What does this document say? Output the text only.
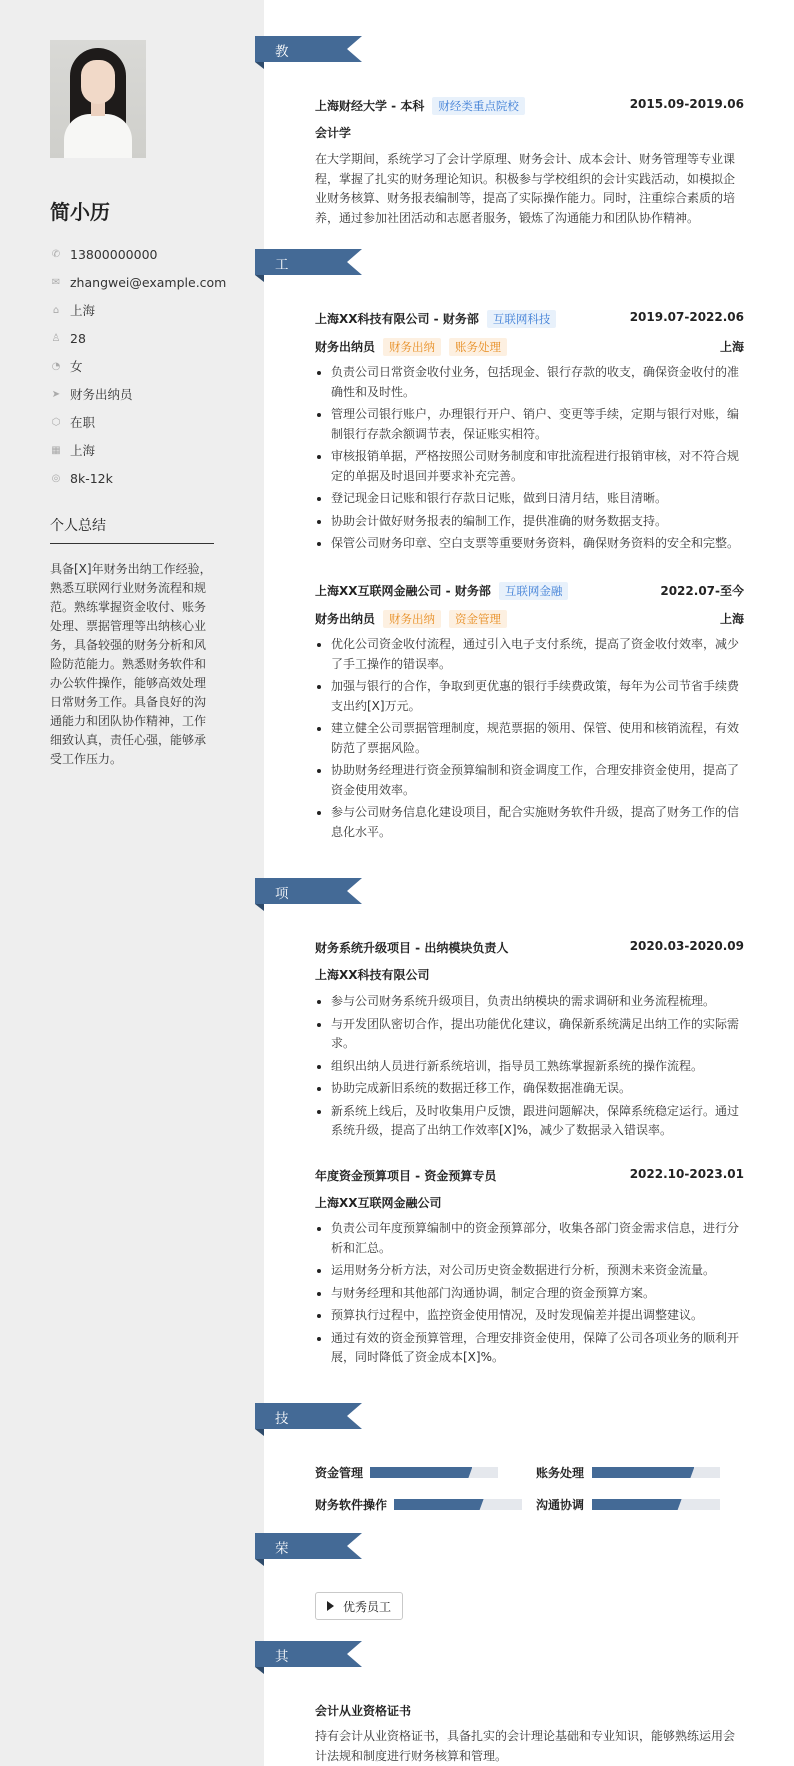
简小历
✆ 13800000000
✉ zhangwei@example.com
⌂ 上海
♙ 28
◔ 女
➤ 财务出纳员
⬡ 在职
▦ 上海
◎ 8k-12k
个人总结
具备[X]年财务出纳工作经验，熟悉互联网行业财务流程和规范。熟练掌握资金收付、账务处理、票据管理等出纳核心业务，具备较强的财务分析和风险防范能力。熟悉财务软件和办公软件操作，能够高效处理日常财务工作。具备良好的沟通能力和团队协作精神，工作细致认真，责任心强，能够承受工作压力。
教育经历 上海财经大学 - 本科 财经类重点院校	2015.09-2019.06
会计学
在大学期间，系统学习了会计学原理、财务会计、成本会计、财务管理等专业课程，掌握了扎实的财务理论知识。积极参与学校组织的会计实践活动，如模拟企业财务核算、财务报表编制等，提高了实际操作能力。同时，注重综合素质的培养，通过参加社团活动和志愿者服务，锻炼了沟通能力和团队协作精神。
工作经历 上海XX科技有限公司 - 财务部 互联网科技	2019.07-2022.06
财务出纳员 财务出纳 账务处理	上海
负责公司日常资金收付业务，包括现金、银行存款的收支，确保资金收付的准确性和及时性。
管理公司银行账户，办理银行开户、销户、变更等手续，定期与银行对账，编制银行存款余额调节表，保证账实相符。
审核报销单据，严格按照公司财务制度和审批流程进行报销审核，对不符合规定的单据及时退回并要求补充完善。
登记现金日记账和银行存款日记账，做到日清月结，账目清晰。
协助会计做好财务报表的编制工作，提供准确的财务数据支持。
保管公司财务印章、空白支票等重要财务资料，确保财务资料的安全和完整。
上海XX互联网金融公司 - 财务部 互联网金融	2022.07-至今
财务出纳员 财务出纳 资金管理	上海
优化公司资金收付流程，通过引入电子支付系统，提高了资金收付效率，减少了手工操作的错误率。
加强与银行的合作，争取到更优惠的银行手续费政策，每年为公司节省手续费支出约[X]万元。
建立健全公司票据管理制度，规范票据的领用、保管、使用和核销流程，有效防范了票据风险。
协助财务经理进行资金预算编制和资金调度工作，合理安排资金使用，提高了资金使用效率。
参与公司财务信息化建设项目，配合实施财务软件升级，提高了财务工作的信息化水平。
项目经历 财务系统升级项目 - 出纳模块负责人	2020.03-2020.09
上海XX科技有限公司
参与公司财务系统升级项目，负责出纳模块的需求调研和业务流程梳理。
与开发团队密切合作，提出功能优化建议，确保新系统满足出纳工作的实际需求。
组织出纳人员进行新系统培训，指导员工熟练掌握新系统的操作流程。
协助完成新旧系统的数据迁移工作，确保数据准确无误。
新系统上线后，及时收集用户反馈，跟进问题解决，保障系统稳定运行。通过系统升级，提高了出纳工作效率[X]%，减少了数据录入错误率。
年度资金预算项目 - 资金预算专员	2022.10-2023.01
上海XX互联网金融公司
负责公司年度预算编制中的资金预算部分，收集各部门资金需求信息，进行分析和汇总。
运用财务分析方法，对公司历史资金数据进行分析，预测未来资金流量。
与财务经理和其他部门沟通协调，制定合理的资金预算方案。
预算执行过程中，监控资金使用情况，及时发现偏差并提出调整建议。
通过有效的资金预算管理，合理安排资金使用，保障了公司各项业务的顺利开展，同时降低了资金成本[X]%。
技能专长 资金管理	账务处理
财务软件操作	沟通协调
荣誉奖项	优秀员工
其他信息 会计从业资格证书
持有会计从业资格证书，具备扎实的会计理论基础和专业知识，能够熟练运用会计法规和制度进行财务核算和管理。
